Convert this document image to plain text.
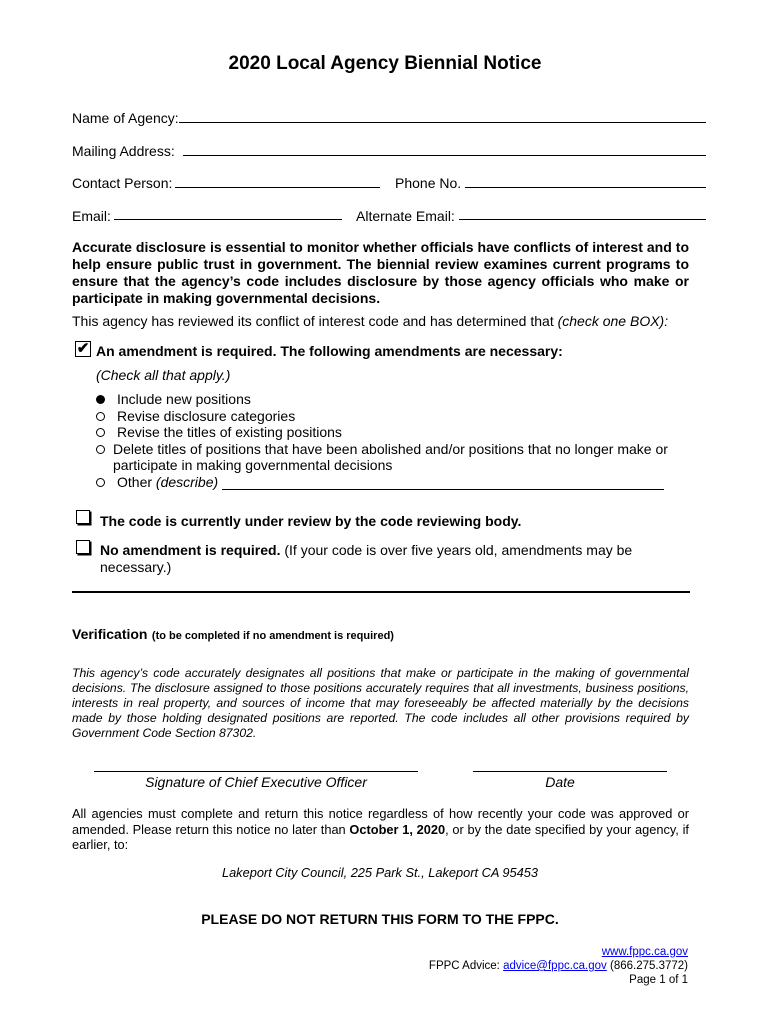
2020 Local Agency Biennial Notice
Name of Agency:
Mailing Address:
Contact Person:	Phone No.
Email:	Alternate Email:
Accurate disclosure is essential to monitor whether officials have conflicts of interest and to help ensure public trust in government. The biennial review examines current programs to ensure that the agency’s code includes disclosure by those agency officials who make or participate in making governmental decisions.
This agency has reviewed its conflict of interest code and has determined that (check one BOX):
✔ An amendment is required. The following amendments are necessary:
(Check all that apply.)
Include new positions
Revise disclosure categories
Revise the titles of existing positions
Delete titles of positions that have been abolished and/or positions that no longer make or participate in making governmental decisions
Other (describe)
The code is currently under review by the code reviewing body.
No amendment is required. (If your code is over five years old, amendments may be necessary.)
Verification (to be completed if no amendment is required)
This agency’s code accurately designates all positions that make or participate in the making of governmental decisions. The disclosure assigned to those positions accurately requires that all investments, business positions, interests in real property, and sources of income that may foreseeably be affected materially by the decisions made by those holding designated positions are reported. The code includes all other provisions required by Government Code Section 87302.
Signature of Chief Executive Officer	Date
All agencies must complete and return this notice regardless of how recently your code was approved or amended. Please return this notice no later than October 1, 2020, or by the date specified by your agency, if earlier, to:
Lakeport City Council, 225 Park St., Lakeport CA 95453
PLEASE DO NOT RETURN THIS FORM TO THE FPPC.
www.fppc.ca.gov
FPPC Advice: advice@fppc.ca.gov (866.275.3772)
Page 1 of 1
